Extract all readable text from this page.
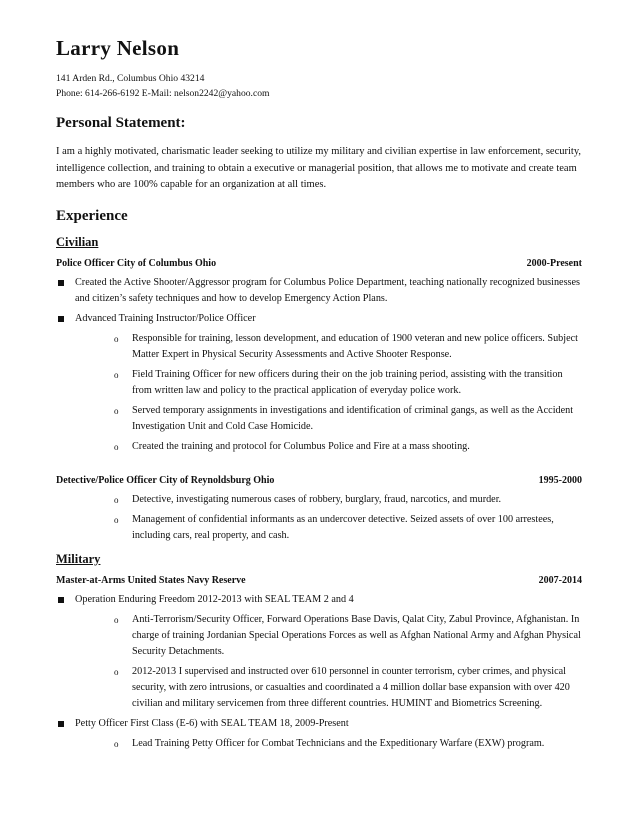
Larry Nelson
141 Arden Rd., Columbus Ohio 43214
Phone: 614-266-6192 E-Mail: nelson2242@yahoo.com
Personal Statement:
I am a highly motivated, charismatic leader seeking to utilize my military and civilian expertise in law enforcement, security, intelligence collection, and training to obtain a executive or managerial position, that allows me to motivate and create team members who are 100% capable for an organization at all times.
Experience
Civilian
Police Officer City of Columbus Ohio	2000-Present
Created the Active Shooter/Aggressor program for Columbus Police Department, teaching nationally recognized businesses and citizen’s safety techniques and how to develop Emergency Action Plans.
Advanced Training Instructor/Police Officer
o Responsible for training, lesson development, and education of 1900 veteran and new police officers. Subject Matter Expert in Physical Security Assessments and Active Shooter Response.
o Field Training Officer for new officers during their on the job training period, assisting with the transition from written law and policy to the practical application of everyday police work.
o Served temporary assignments in investigations and identification of criminal gangs, as well as the Accident Investigation Unit and Cold Case Homicide.
o Created the training and protocol for Columbus Police and Fire at a mass shooting.
Detective/Police Officer City of Reynoldsburg Ohio	1995-2000
o Detective, investigating numerous cases of robbery, burglary, fraud, narcotics, and murder.
o Management of confidential informants as an undercover detective. Seized assets of over 100 arrestees, including cars, real property, and cash.
Military
Master-at-Arms United States Navy Reserve	2007-2014
Operation Enduring Freedom 2012-2013 with SEAL TEAM 2 and 4
o Anti-Terrorism/Security Officer, Forward Operations Base Davis, Qalat City, Zabul Province, Afghanistan. In charge of training Jordanian Special Operations Forces as well as Afghan National Army and Afghan Physical Security Detachments.
o 2012-2013 I supervised and instructed over 610 personnel in counter terrorism, cyber crimes, and physical security, with zero intrusions, or casualties and coordinated a 4 million dollar base expansion with over 420 civilian and military servicemen from three different countries. HUMINT and Biometrics Screening.
Petty Officer First Class (E-6) with SEAL TEAM 18, 2009-Present
o Lead Training Petty Officer for Combat Technicians and the Expeditionary Warfare (EXW) program.
